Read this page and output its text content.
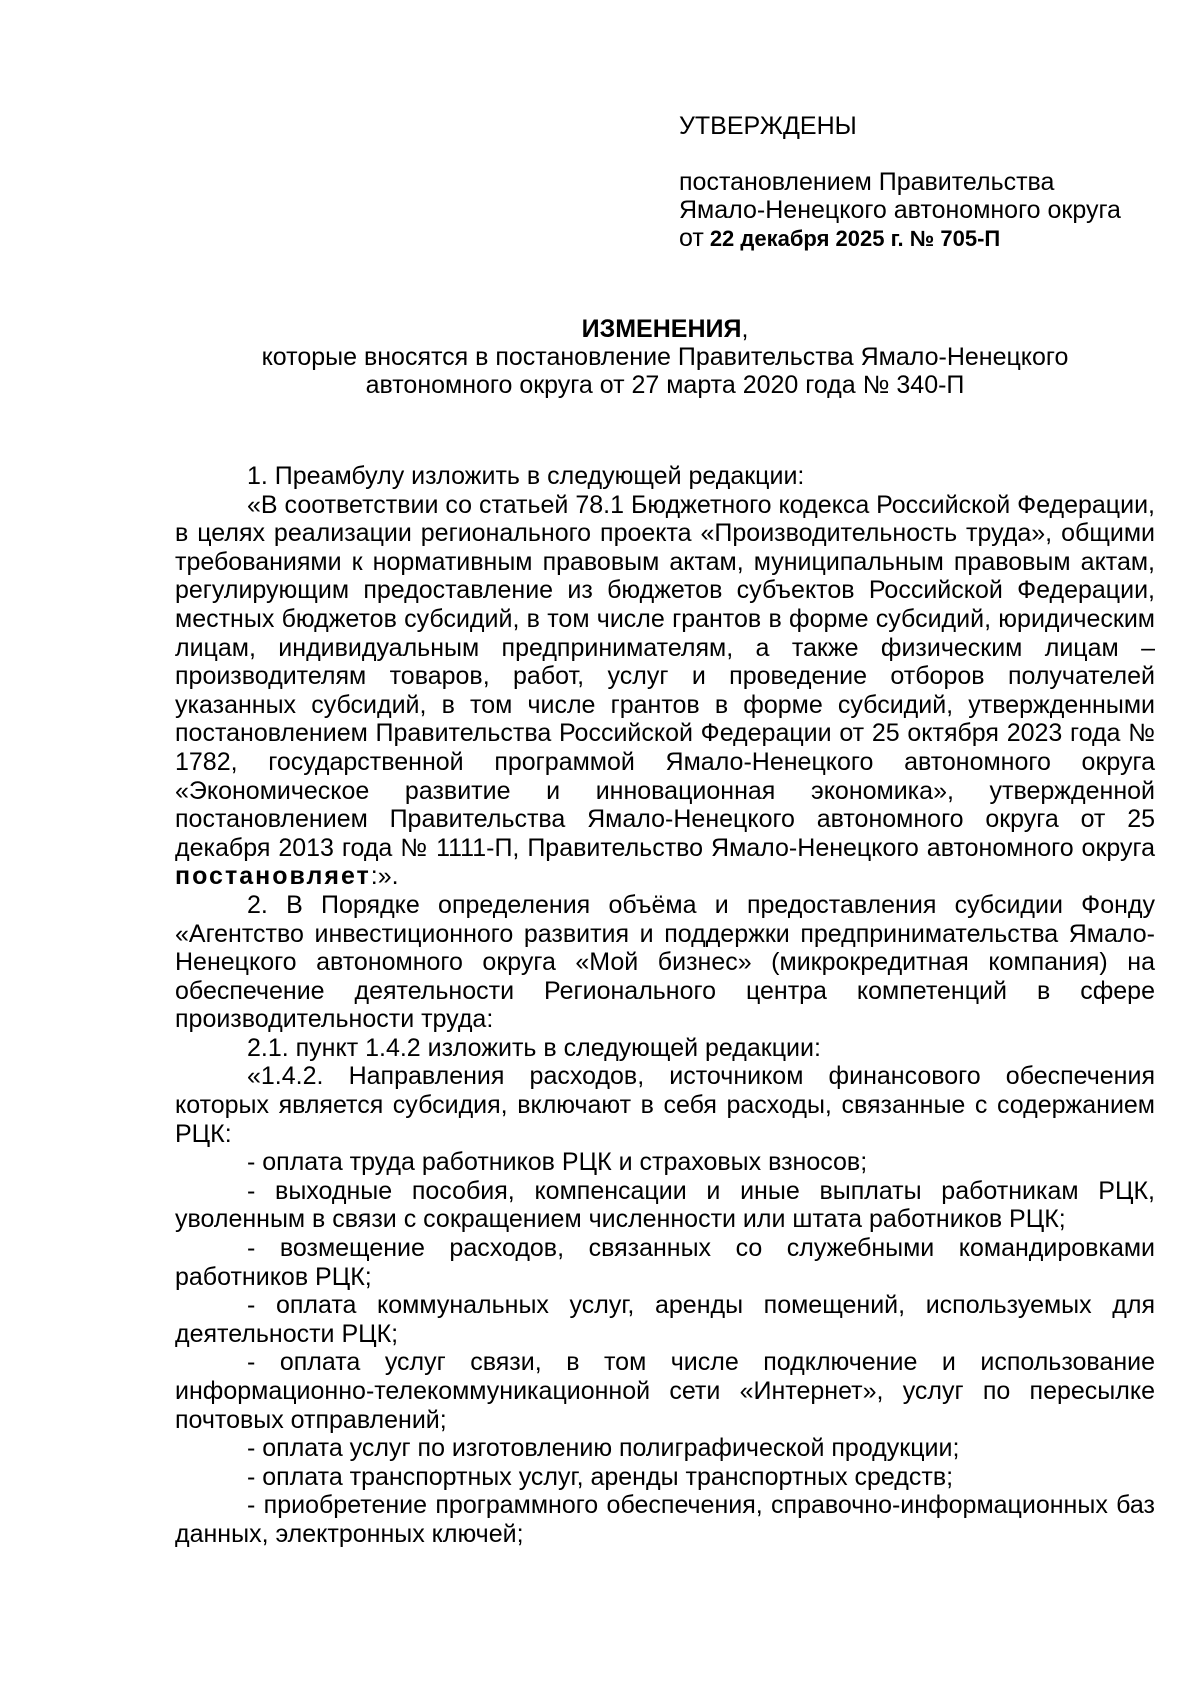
УТВЕРЖДЕНЫ
постановлением Правительства
Ямало-Ненецкого автономного округа
от 22 декабря 2025 г. № 705-П
ИЗМЕНЕНИЯ,
которые вносятся в постановление Правительства Ямало-Ненецкого
автономного округа от 27 марта 2020 года № 340-П

1. Преамбулу изложить в следующей редакции:

«В соответствии со статьей 78.1 Бюджетного кодекса Российской Федерации, в целях реализации регионального проекта «Производительность труда», общими требованиями к нормативным правовым актам, муниципальным правовым актам, регулирующим предоставление из бюджетов субъектов Российской Федерации, местных бюджетов субсидий, в том числе грантов в форме субсидий, юридическим лицам, индивидуальным предпринимателям, а также физическим лицам – производителям товаров, работ, услуг и проведение отборов получателей указанных субсидий, в том числе грантов в форме субсидий, утвержденными постановлением Правительства Российской Федерации от 25 октября 2023 года № 1782, государственной программой Ямало-Ненецкого автономного округа «Экономическое развитие и инновационная экономика», утвержденной постановлением Правительства Ямало-Ненецкого автономного округа от 25 декабря 2013 года № 1111-П, Правительство Ямало-Ненецкого автономного округа постановляет:».

2. В Порядке определения объёма и предоставления субсидии Фонду «Агентство инвестиционного развития и поддержки предпринимательства Ямало-Ненецкого автономного округа «Мой бизнес» (микрокредитная компания) на обеспечение деятельности Регионального центра компетенций в сфере производительности труда:

2.1. пункт 1.4.2 изложить в следующей редакции:

«1.4.2. Направления расходов, источником финансового обеспечения которых является субсидия, включают в себя расходы, связанные с содержанием РЦК:

- оплата труда работников РЦК и страховых взносов;

- выходные пособия, компенсации и иные выплаты работникам РЦК, уволенным в связи с сокращением численности или штата работников РЦК;

- возмещение расходов, связанных со служебными командировками работников РЦК;

- оплата коммунальных услуг, аренды помещений, используемых для деятельности РЦК;

- оплата услуг связи, в том числе подключение и использование информационно-телекоммуникационной сети «Интернет», услуг по пересылке почтовых отправлений;

- оплата услуг по изготовлению полиграфической продукции;

- оплата транспортных услуг, аренды транспортных средств;

- приобретение программного обеспечения, справочно-информационных баз данных, электронных ключей;
